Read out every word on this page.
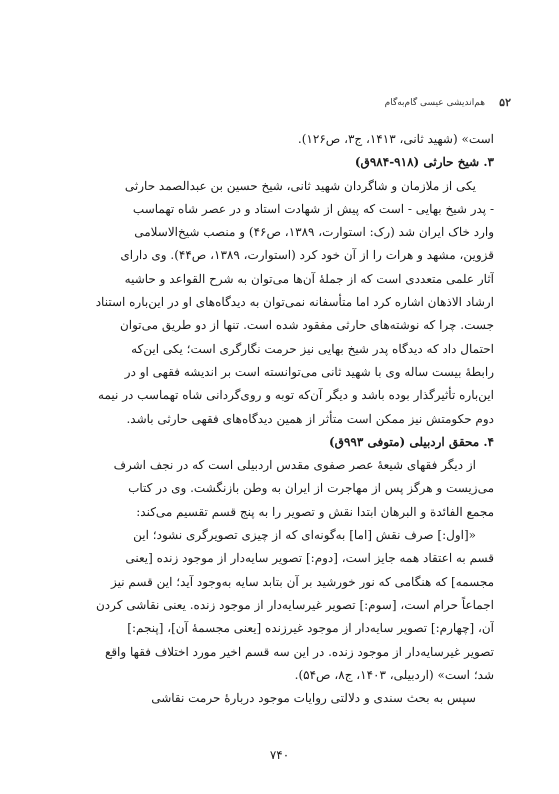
۵۲
هم‌اندیشی عیسی گام‌به‌گام
است» (شهید ثانی، ۱۴۱۳، ج۳، ص۱۲۶).
۳. شیخ حارثی (۹۱۸-۹۸۴ق)
یکی از ملازمان و شاگردان شهید ثانی، شیخ حسین بن عبدالصمد حارثی
- پدر شیخ بهایی - است که پیش از شهادت استاد و در عصر شاه تهماسب
وارد خاک ایران شد (رک: استوارت، ۱۳۸۹، ص۴۶) و منصب شیخ‌الاسلامی
قزوین، مشهد و هرات را از آن خود کرد (استوارت، ۱۳۸۹، ص۴۴). وی دارای
آثار علمی متعددی است که از جملهٔ آن‌ها می‌توان به شرح القواعد و حاشیه
ارشاد الاذهان اشاره کرد اما متأسفانه نمی‌توان به دیدگاه‌های او در این‌باره استناد
جست. چرا که نوشته‌های حارثی مفقود شده است. تنها از دو طریق می‌توان
احتمال داد که دیدگاه پدر شیخ بهایی نیز حرمت نگارگری است؛ یکی این‌که
رابطهٔ بیست ساله وی با شهید ثانی می‌توانسته است بر اندیشه فقهی او در
این‌باره تأثیرگذار بوده باشد و دیگر آن‌که توبه و روی‌گردانی شاه تهماسب در نیمه
دوم حکومتش نیز ممکن است متأثر از همین دیدگاه‌های فقهی حارثی باشد.
۴. محقق اردبیلی (متوفی ۹۹۳ق)
از دیگر فقهای شیعهٔ عصر صفوی مقدس اردبیلی است که در نجف اشرف
می‌زیست و هرگز پس از مهاجرت از ایران به وطن بازنگشت. وی در کتاب
مجمع الفائدة و البرهان ابتدا نقش و تصویر را به پنج قسم تقسیم می‌کند:
«[اول:] صرف نقش [اما] به‌گونه‌ای که از چیزی تصویرگری نشود؛ این
قسم به اعتقاد همه جایز است، [دوم:] تصویر سایه‌دار از موجود زنده [یعنی
مجسمه] که هنگامی که نور خورشید بر آن بتابد سایه به‌وجود آید؛ این قسم نیز
اجماعاً حرام است، [سوم:] تصویر غیرسایه‌دار از موجود زنده. یعنی نقاشی کردن
آن، [چهارم:] تصویر سایه‌دار از موجود غیرزنده [یعنی مجسمهٔ آن]، [پنجم:]
تصویر غیرسایه‌دار از موجود زنده. در این سه قسم اخیر مورد اختلاف فقها واقع
شد؛ است» (اردبیلی، ۱۴۰۳، ج۸، ص۵۴).
سپس به بحث سندی و دلالتی روایات موجود دربارهٔ حرمت نقاشی
۷۴۰
